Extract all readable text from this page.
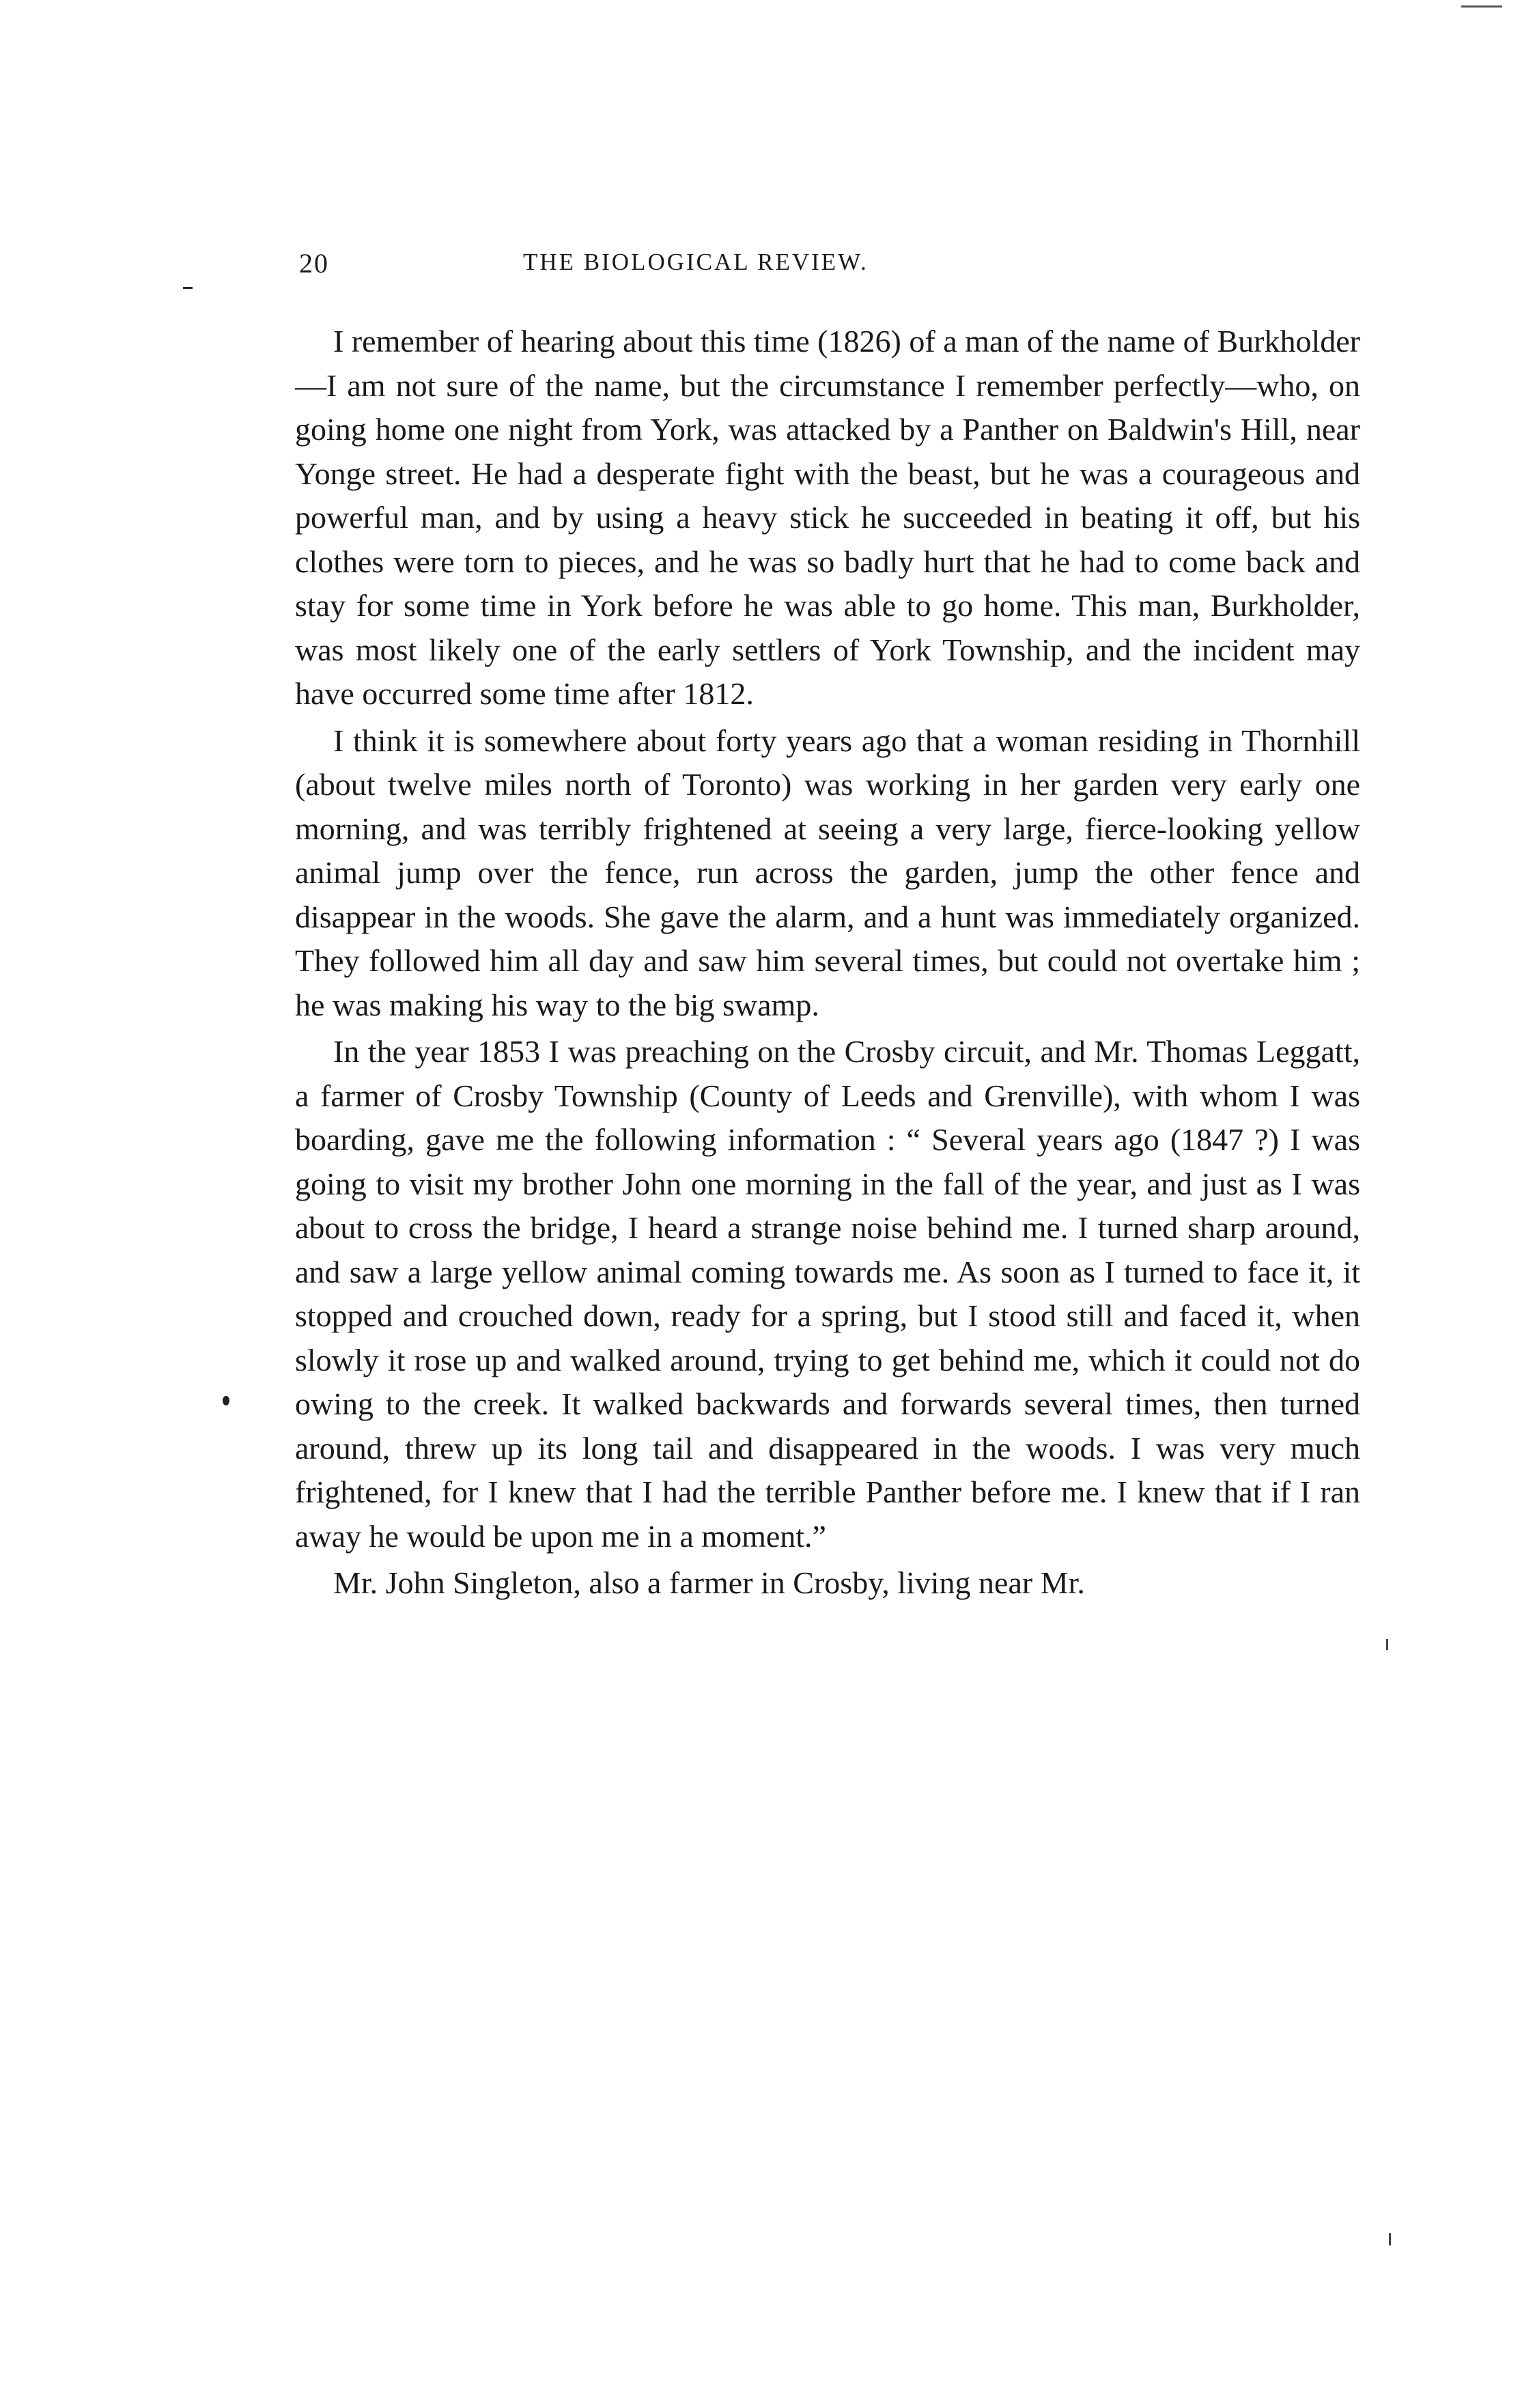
20	THE BIOLOGICAL REVIEW.

I remember of hearing about this time (1826) of a man of the name of Burkholder—I am not sure of the name, but the circumstance I remember perfectly—who, on going home one night from York, was attacked by a Panther on Baldwin's Hill, near Yonge street. He had a desperate fight with the beast, but he was a courageous and powerful man, and by using a heavy stick he succeeded in beating it off, but his clothes were torn to pieces, and he was so badly hurt that he had to come back and stay for some time in York before he was able to go home. This man, Burkholder, was most likely one of the early settlers of York Township, and the incident may have occurred some time after 1812.

I think it is somewhere about forty years ago that a woman residing in Thornhill (about twelve miles north of Toronto) was working in her garden very early one morning, and was terribly frightened at seeing a very large, fierce-looking yellow animal jump over the fence, run across the garden, jump the other fence and disappear in the woods. She gave the alarm, and a hunt was immediately organized. They followed him all day and saw him several times, but could not overtake him ; he was making his way to the big swamp.

In the year 1853 I was preaching on the Crosby circuit, and Mr. Thomas Leggatt, a farmer of Crosby Township (County of Leeds and Grenville), with whom I was boarding, gave me the following information : “ Several years ago (1847 ?) I was going to visit my brother John one morning in the fall of the year, and just as I was about to cross the bridge, I heard a strange noise behind me. I turned sharp around, and saw a large yellow animal coming towards me. As soon as I turned to face it, it stopped and crouched down, ready for a spring, but I stood still and faced it, when slowly it rose up and walked around, trying to get behind me, which it could not do owing to the creek. It walked backwards and forwards several times, then turned around, threw up its long tail and disappeared in the woods. I was very much frightened, for I knew that I had the terrible Panther before me. I knew that if I ran away he would be upon me in a moment.”

Mr. John Singleton, also a farmer in Crosby, living near Mr.
